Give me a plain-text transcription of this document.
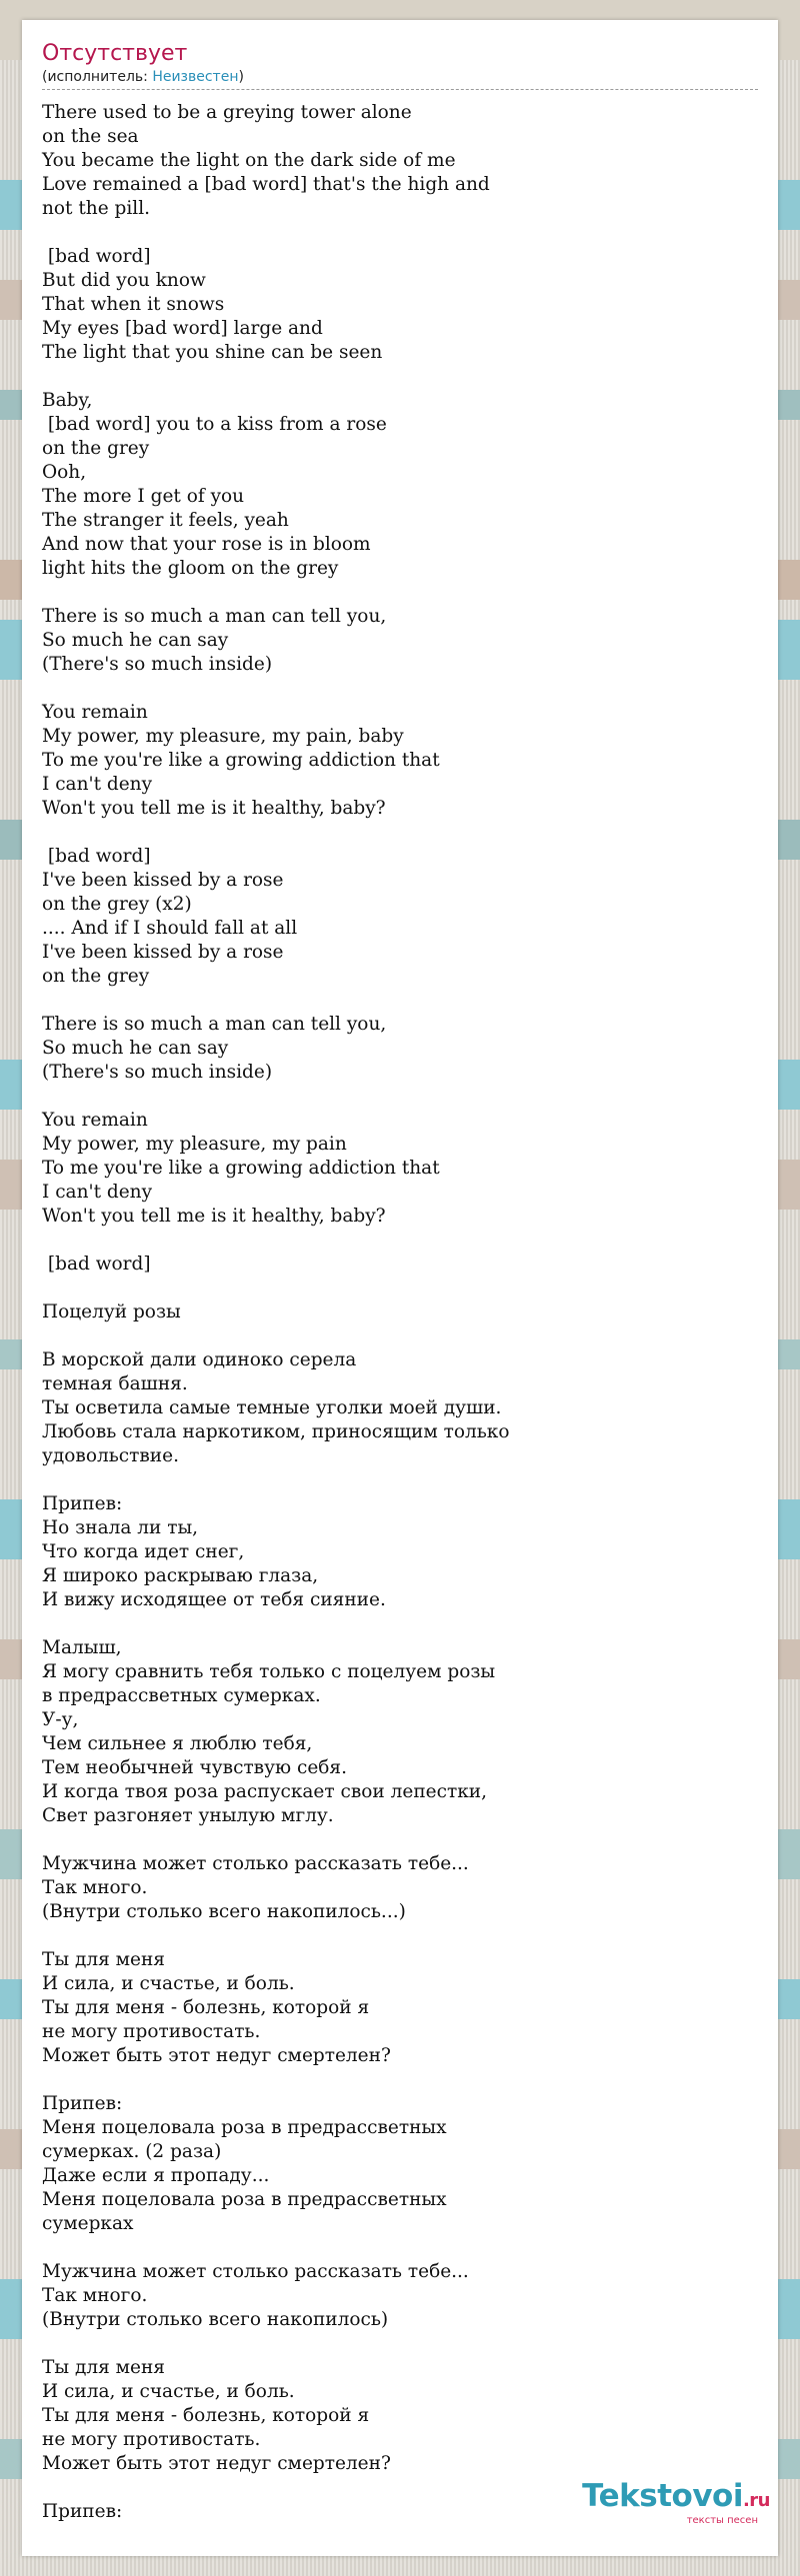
Отсутствует
(исполнитель: Неизвестен)
There used to be a greying tower alone
on the sea
You became the light on the dark side of me
Love remained a [bad word] that's the high and
not the pill.

[bad word]
But did you know
That when it snows
My eyes [bad word] large and
The light that you shine can be seen

Baby,
[bad word] you to a kiss from a rose
on the grey
Ooh,
The more I get of you
The stranger it feels, yeah
And now that your rose is in bloom
light hits the gloom on the grey

There is so much a man can tell you,
So much he can say
(There's so much inside)

You remain
My power, my pleasure, my pain, baby
To me you're like a growing addiction that
I can't deny
Won't you tell me is it healthy, baby?

[bad word]
I've been kissed by a rose
on the grey (x2)
.... And if I should fall at all
I've been kissed by a rose
on the grey

There is so much a man can tell you,
So much he can say
(There's so much inside)

You remain
My power, my pleasure, my pain
To me you're like a growing addiction that
I can't deny
Won't you tell me is it healthy, baby?

[bad word]

Поцелуй розы

В морской дали одиноко серела
темная башня.
Ты осветила самые темные уголки моей души.
Любовь стала наркотиком, приносящим только
удовольствие.

Припев:
Но знала ли ты,
Что когда идет снег,
Я широко раскрываю глаза,
И вижу исходящее от тебя сияние.

Малыш,
Я могу сравнить тебя только с поцелуем розы
в предрассветных сумерках.
У-у,
Чем сильнее я люблю тебя,
Тем необычней чувствую себя.
И когда твоя роза распускает свои лепестки,
Свет разгоняет унылую мглу.

Мужчина может столько рассказать тебе...
Так много.
(Внутри столько всего накопилось...)

Ты для меня
И сила, и счастье, и боль.
Ты для меня - болезнь, которой я
не могу противостать.
Может быть этот недуг смертелен?

Припев:
Меня поцеловала роза в предрассветных
сумерках. (2 раза)
Даже если я пропаду...
Меня поцеловала роза в предрассветных
сумерках

Мужчина может столько рассказать тебе...
Так много.
(Внутри столько всего накопилось)

Ты для меня
И сила, и счастье, и боль.
Ты для меня - болезнь, которой я
не могу противостать.
Может быть этот недуг смертелен?

Припев:	Tekstovoi.ru
тексты песен
